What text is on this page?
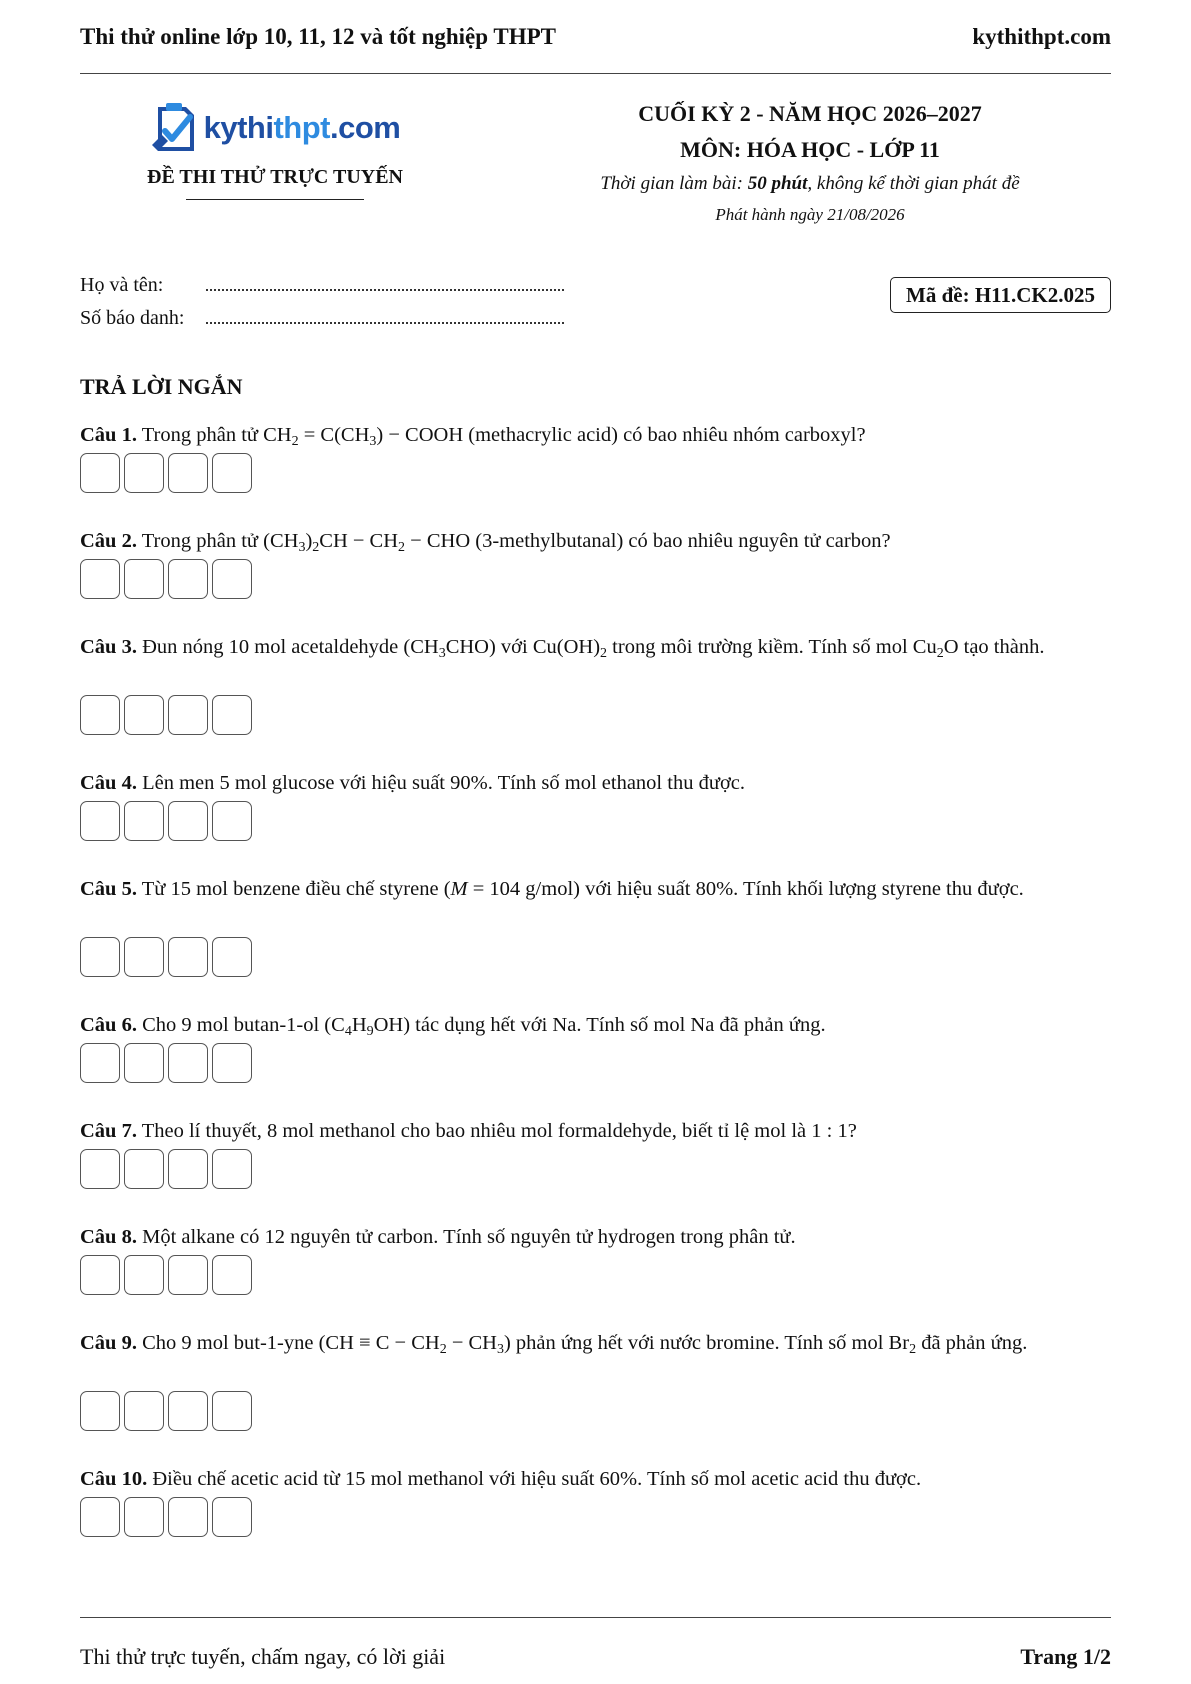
Thi thử online lớp 10, 11, 12 và tốt nghiệp THPT	kythithpt.com
kythithpt.com
ĐỀ THI THỬ TRỰC TUYẾN
CUỐI KỲ 2 - NĂM HỌC 2026–2027
MÔN: HÓA HỌC - LỚP 11
Thời gian làm bài: 50 phút, không kể thời gian phát đề
Phát hành ngày 21/08/2026
Họ và tên:
Số báo danh:
Mã đề: H11.CK2.025
TRẢ LỜI NGẮN
Câu 1. Trong phân tử $CH_2 = C(CH_3)$ − COOH (methacrylic acid) có bao nhiêu nhóm carboxyl?
Câu 2. Trong phân tử $(CH_3)_2CH - CH_2$ − CHO (3-methylbutanal) có bao nhiêu nguyên tử carbon?
Câu 3. Đun nóng 10 mol acetaldehyde $(CH_3CHO)$ với $Cu(OH)_2$ trong môi trường kiềm. Tính số mol $Cu_2O$ tạo thành.
Câu 4. Lên men 5 mol glucose với hiệu suất 90%. Tính số mol ethanol thu được.
Câu 5. Từ 15 mol benzene điều chế styrene (M = 104 g/mol) với hiệu suất 80%. Tính khối lượng styrene thu được.
Câu 6. Cho 9 mol butan-1-ol $(C_4H_9OH)$ tác dụng hết với Na. Tính số mol Na đã phản ứng.
Câu 7. Theo lí thuyết, 8 mol methanol cho bao nhiêu mol formaldehyde, biết tỉ lệ mol là 1 : 1?
Câu 8. Một alkane có 12 nguyên tử carbon. Tính số nguyên tử hydrogen trong phân tử.
Câu 9. Cho 9 mol but-1-yne $(CH \equiv C - CH_2 - CH_3)$ phản ứng hết với nước bromine. Tính số mol $Br_2$ đã phản ứng.
Câu 10. Điều chế acetic acid từ 15 mol methanol với hiệu suất 60%. Tính số mol acetic acid thu được.
Thi thử trực tuyến, chấm ngay, có lời giải	Trang 1/2
